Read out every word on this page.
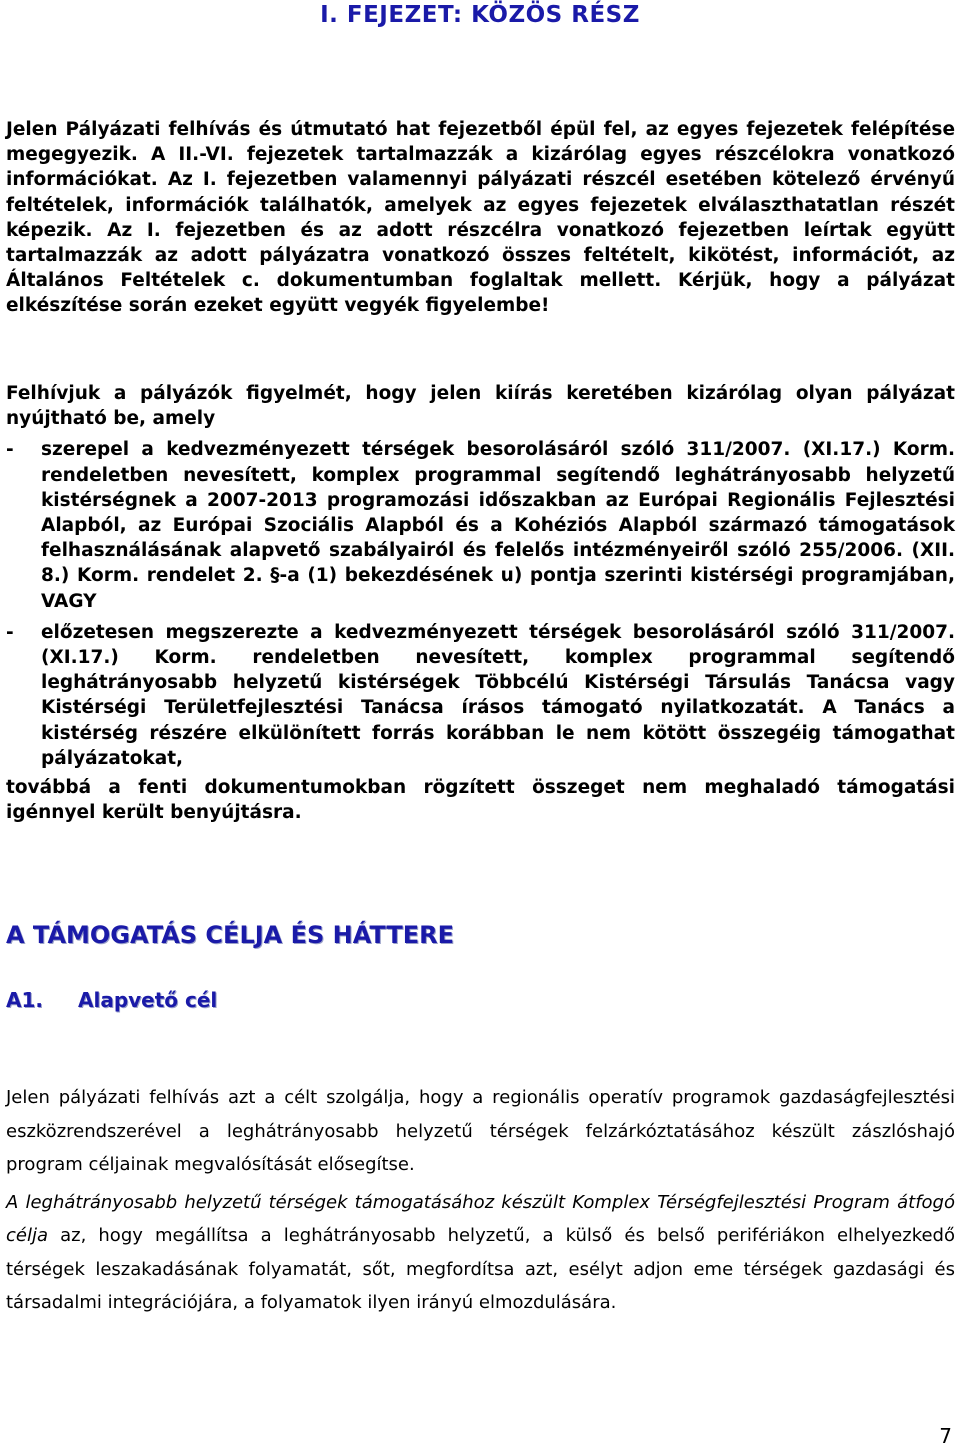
I. FEJEZET: KÖZÖS RÉSZ

Jelen Pályázati felhívás és útmutató hat fejezetből épül fel, az egyes fejezetek felépítése megegyezik. A II.-VI. fejezetek tartalmazzák a kizárólag egyes részcélokra vonatkozó információkat. Az I. fejezetben valamennyi pályázati részcél esetében kötelező érvényű feltételek, információk találhatók, amelyek az egyes fejezetek elválaszthatatlan részét képezik. Az I. fejezetben és az adott részcélra vonatkozó fejezetben leírtak együtt tartalmazzák az adott pályázatra vonatkozó összes feltételt, kikötést, információt, az Általános Feltételek c. dokumentumban foglaltak mellett. Kérjük, hogy a pályázat elkészítése során ezeket együtt vegyék figyelembe!

Felhívjuk a pályázók figyelmét, hogy jelen kiírás keretében kizárólag olyan pályázat nyújtható be, amely

- szerepel a kedvezményezett térségek besorolásáról szóló 311/2007. (XI.17.) Korm. rendeletben nevesített, komplex programmal segítendő leghátrányosabb helyzetű kistérségnek a 2007-2013 programozási időszakban az Európai Regionális Fejlesztési Alapból, az Európai Szociális Alapból és a Kohéziós Alapból származó támogatások felhasználásának alapvető szabályairól és felelős intézményeiről szóló 255/2006. (XII. 8.) Korm. rendelet 2. §-a (1) bekezdésének u) pontja szerinti kistérségi programjában, VAGY
- előzetesen megszerezte a kedvezményezett térségek besorolásáról szóló 311/2007. (XI.17.) Korm. rendeletben nevesített, komplex programmal segítendő leghátrányosabb helyzetű kistérségek Többcélú Kistérségi Társulás Tanácsa vagy Kistérségi Területfejlesztési Tanácsa írásos támogató nyilatkozatát. A Tanács a kistérség részére elkülönített forrás korábban le nem kötött összegéig támogathat pályázatokat,

továbbá a fenti dokumentumokban rögzített összeget nem meghaladó támogatási igénnyel került benyújtásra.

A TÁMOGATÁS CÉLJA ÉS HÁTTERE
A1. Alapvető cél

Jelen pályázati felhívás azt a célt szolgálja, hogy a regionális operatív programok gazdaságfejlesztési eszközrendszerével a leghátrányosabb helyzetű térségek felzárkóztatásához készült zászlóshajó program céljainak megvalósítását elősegítse.

A leghátrányosabb helyzetű térségek támogatásához készült Komplex Térségfejlesztési Program átfogó célja az, hogy megállítsa a leghátrányosabb helyzetű, a külső és belső perifériákon elhelyezkedő térségek leszakadásának folyamatát, sőt, megfordítsa azt, esélyt adjon eme térségek gazdasági és társadalmi integrációjára, a folyamatok ilyen irányú elmozdulására.

7
